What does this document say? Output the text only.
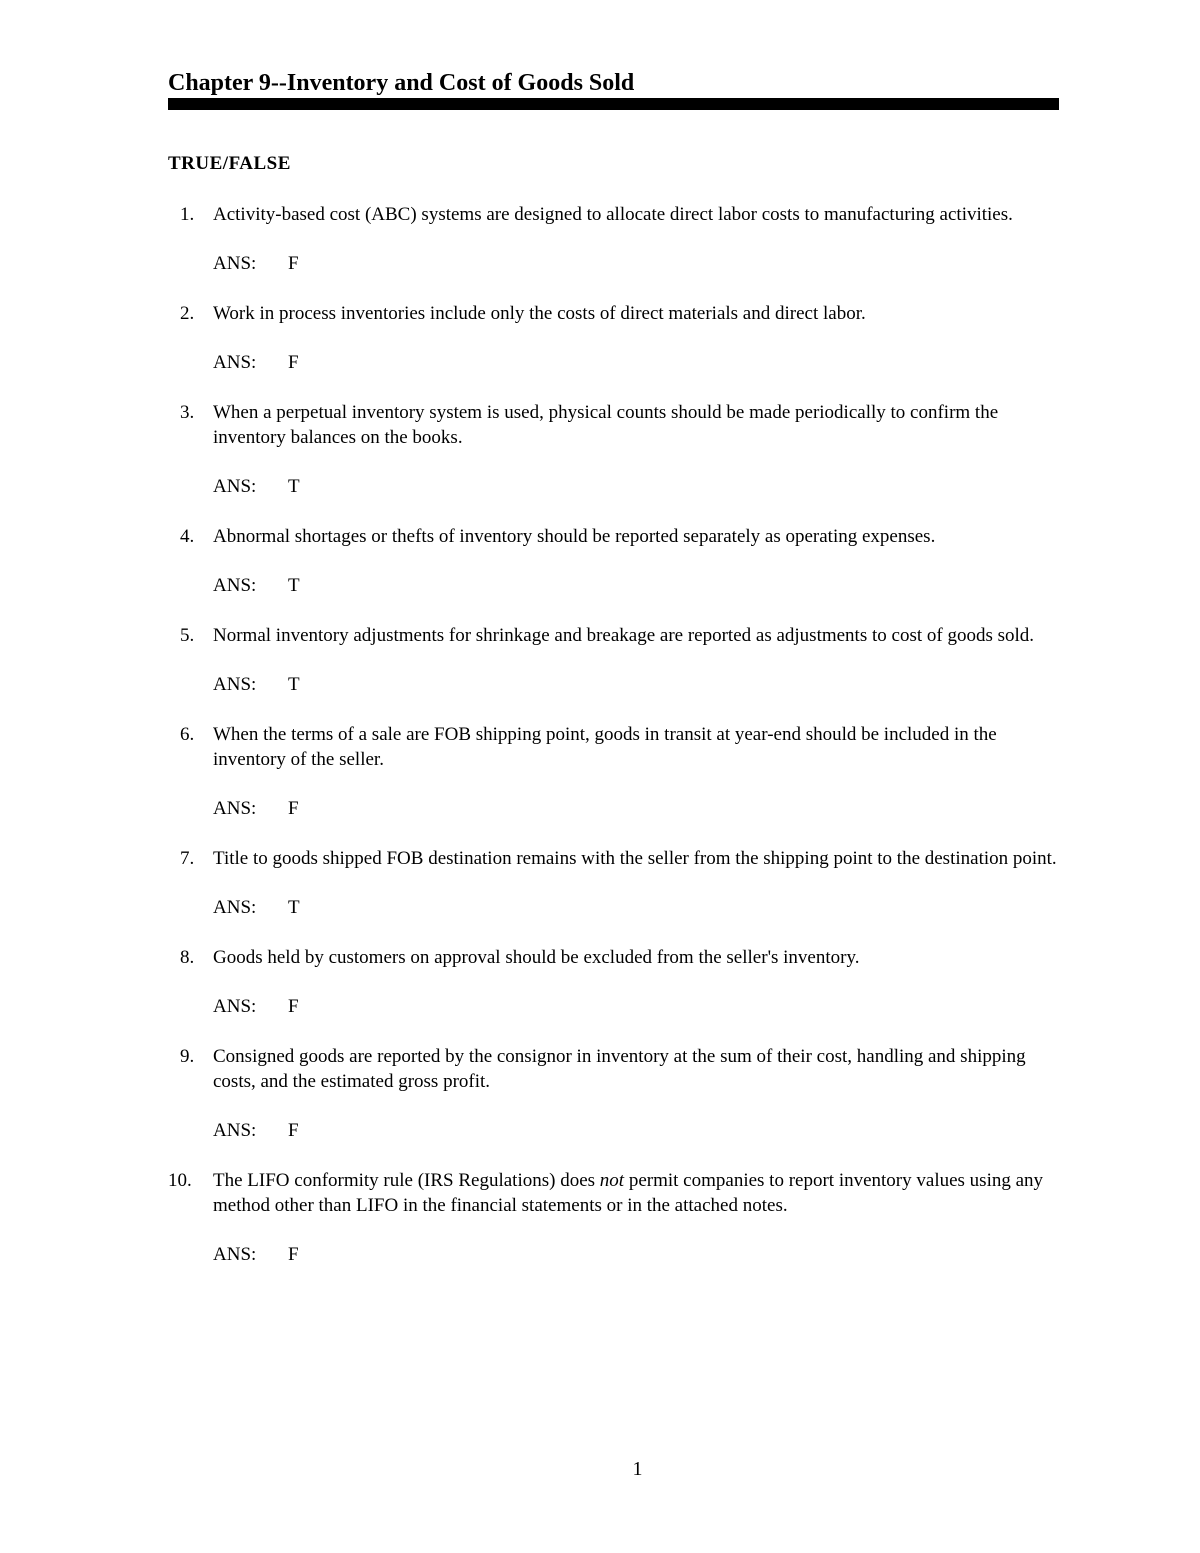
Chapter 9--Inventory and Cost of Goods Sold
TRUE/FALSE
1. Activity-based cost (ABC) systems are designed to allocate direct labor costs to manufacturing activities.
ANS:	F
2. Work in process inventories include only the costs of direct materials and direct labor.
ANS:	F
3. When a perpetual inventory system is used, physical counts should be made periodically to confirm the inventory balances on the books.
ANS:	T
4. Abnormal shortages or thefts of inventory should be reported separately as operating expenses.
ANS:	T
5. Normal inventory adjustments for shrinkage and breakage are reported as adjustments to cost of goods sold.
ANS:	T
6. When the terms of a sale are FOB shipping point, goods in transit at year-end should be included in the inventory of the seller.
ANS:	F
7. Title to goods shipped FOB destination remains with the seller from the shipping point to the destination point.
ANS:	T
8. Goods held by customers on approval should be excluded from the seller's inventory.
ANS:	F
9. Consigned goods are reported by the consignor in inventory at the sum of their cost, handling and shipping costs, and the estimated gross profit.
ANS:	F
10.	The LIFO conformity rule (IRS Regulations) does not permit companies to report inventory values using any method other than LIFO in the financial statements or in the attached notes.
ANS:	F
1
